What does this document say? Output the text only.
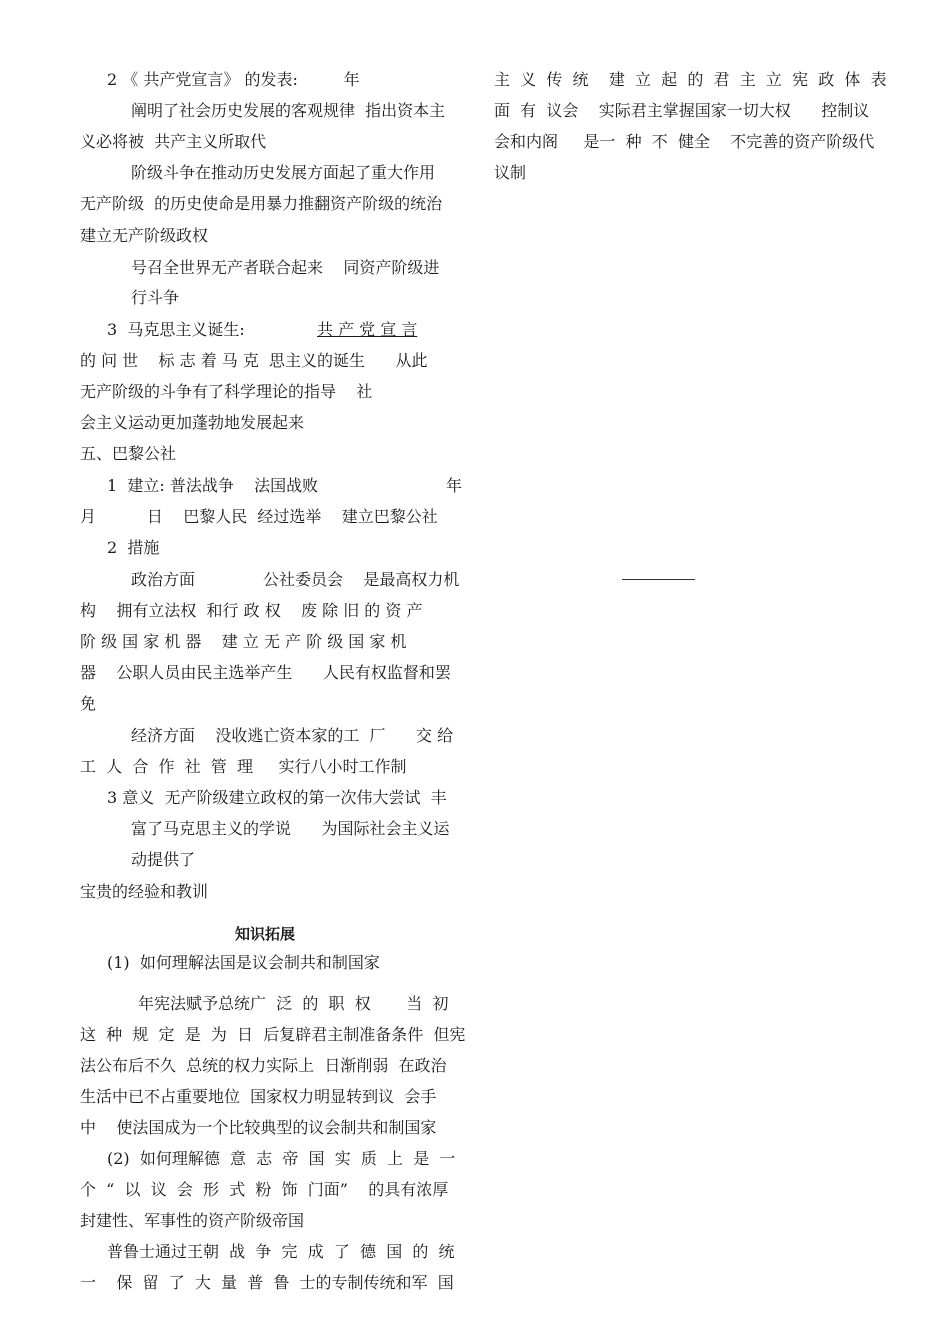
2 《 共产党宣言》 的发表:         年
阐明了社会历史发展的客观规律  指出资本主
义必将被  共产主义所取代
阶级斗争在推动历史发展方面起了重大作用
无产阶级  的历史使命是用暴力推翻资产阶级的统治
建立无产阶级政权
号召全世界无产者联合起来    同资产阶级进
行斗争
3  马克思主义诞生:	共 产 党 宣 言
的 问 世    标 志 着 马 克  思主义的诞生      从此
无产阶级的斗争有了科学理论的指导    社
会主义运动更加蓬勃地发展起来
五、巴黎公社
1  建立: 普法战争    法国战败	年
月          日    巴黎人民  经过选举    建立巴黎公社
2  措施
政治方面	公社委员会    是最高权力机
构    拥有立法权  和行 政 权    废 除 旧 的 资 产
阶 级 国 家 机 器    建 立 无 产 阶 级 国 家 机
器    公职人员由民主选举产生      人民有权监督和罢
免
经济方面    没收逃亡资本家的工  厂      交 给
工  人  合  作  社  管  理     实行八小时工作制
3 意义  无产阶级建立政权的第一次伟大尝试  丰
富了马克思主义的学说      为国际社会主义运
动提供了
宝贵的经验和教训
知识拓展
(1)  如何理解法国是议会制共和制国家
年宪法赋予总统广  泛  的  职  权       当  初
这  种  规  定  是  为  日  后复辟君主制准备条件  但宪
法公布后不久  总统的权力实际上  日渐削弱  在政治
生活中已不占重要地位  国家权力明显转到议  会手
中    使法国成为一个比较典型的议会制共和制国家
(2)  如何理解德  意  志  帝  国  实  质  上  是  一
个  “  以  议  会  形  式  粉  饰  门面”    的具有浓厚
封建性、军事性的资产阶级帝国
普鲁士通过王朝  战  争  完  成  了  德  国  的  统
一    保  留  了  大  量  普  鲁  士的专制传统和军  国
主  义  传  统    建  立  起  的  君  主  立  宪  政  体  表
面  有  议会    实际君主掌握国家一切大权      控制议
会和内阁     是一  种  不  健全    不完善的资产阶级代
议制
